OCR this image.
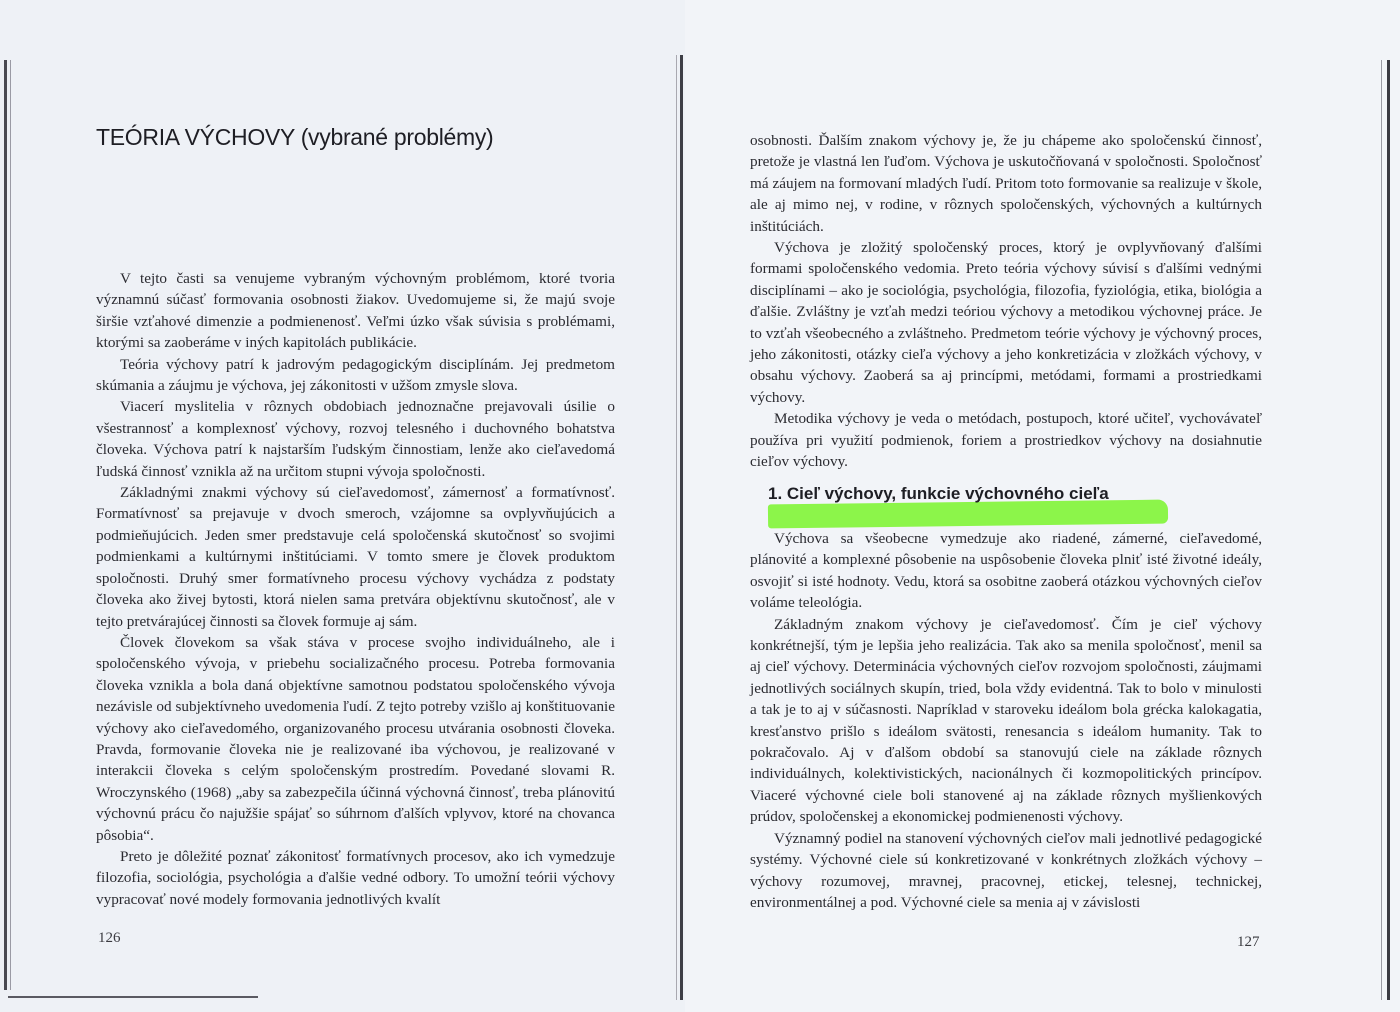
TEÓRIA VÝCHOVY (vybrané problémy)

V tejto časti sa venujeme vybraným výchovným problémom, ktoré tvoria významnú súčasť formovania osobnosti žiakov. Uvedomujeme si, že majú svoje širšie vzťahové dimenzie a podmienenosť. Veľmi úzko však súvisia s problémami, ktorými sa zaoberáme v iných kapitolách publikácie.

Teória výchovy patrí k jadrovým pedagogickým disciplínám. Jej predmetom skúmania a záujmu je výchova, jej zákonitosti v užšom zmysle slova.

Viacerí myslitelia v rôznych obdobiach jednoznačne prejavovali úsilie o všestrannosť a komplexnosť výchovy, rozvoj telesného i duchovného bohatstva človeka. Výchova patrí k najstarším ľudským činnostiam, lenže ako cieľavedomá ľudská činnosť vznikla až na určitom stupni vývoja spoločnosti.

Základnými znakmi výchovy sú cieľavedomosť, zámernosť a formatívnosť. Formatívnosť sa prejavuje v dvoch smeroch, vzájomne sa ovplyvňujúcich a podmieňujúcich. Jeden smer predstavuje celá spoločenská skutočnosť so svojimi podmienkami a kultúrnymi inštitúciami. V tomto smere je človek produktom spoločnosti. Druhý smer formatívneho procesu výchovy vychádza z podstaty človeka ako živej bytosti, ktorá nielen sama pretvára objektívnu skutočnosť, ale v tejto pretvárajúcej činnosti sa človek formuje aj sám.

Človek človekom sa však stáva v procese svojho individuálneho, ale i spoločenského vývoja, v priebehu socializačného procesu. Potreba formovania človeka vznikla a bola daná objektívne samotnou podstatou spoločenského vývoja nezávisle od subjektívneho uvedomenia ľudí. Z tejto potreby vzišlo aj konštituovanie výchovy ako cieľavedomého, organizovaného procesu utvárania osobnosti človeka. Pravda, formovanie človeka nie je realizované iba výchovou, je realizované v interakcii človeka s celým spoločenským prostredím. Povedané slovami R. Wroczynského (1968) „aby sa zabezpečila účinná výchovná činnosť, treba plánovitú výchovnú prácu čo najužšie spájať so súhrnom ďalších vplyvov, ktoré na chovanca pôsobia“.

Preto je dôležité poznať zákonitosť formatívnych procesov, ako ich vymedzuje filozofia, sociológia, psychológia a ďalšie vedné odbory. To umožní teórii výchovy vypracovať nové modely formovania jednotlivých kvalít

126

osobnosti. Ďalším znakom výchovy je, že ju chápeme ako spoločenskú činnosť, pretože je vlastná len ľuďom. Výchova je uskutočňovaná v spoločnosti. Spoločnosť má záujem na formovaní mladých ľudí. Pritom toto formovanie sa realizuje v škole, ale aj mimo nej, v rodine, v rôznych spoločenských, výchovných a kultúrnych inštitúciách.

Výchova je zložitý spoločenský proces, ktorý je ovplyvňovaný ďalšími formami spoločenského vedomia. Preto teória výchovy súvisí s ďalšími vednými disciplínami – ako je sociológia, psychológia, filozofia, fyziológia, etika, biológia a ďalšie. Zvláštny je vzťah medzi teóriou výchovy a metodikou výchovnej práce. Je to vzťah všeobecného a zvláštneho. Predmetom teórie výchovy je výchovný proces, jeho zákonitosti, otázky cieľa výchovy a jeho konkretizácia v zložkách výchovy, v obsahu výchovy. Zaoberá sa aj princípmi, metódami, formami a prostriedkami výchovy.

Metodika výchovy je veda o metódach, postupoch, ktoré učiteľ, vychovávateľ používa pri využití podmienok, foriem a prostriedkov výchovy na dosiahnutie cieľov výchovy.

1. Cieľ výchovy, funkcie výchovného cieľa

Výchova sa všeobecne vymedzuje ako riadené, zámerné, cieľavedomé, plánovité a komplexné pôsobenie na uspôsobenie človeka plniť isté životné ideály, osvojiť si isté hodnoty. Vedu, ktorá sa osobitne zaoberá otázkou výchovných cieľov voláme teleológia.

Základným znakom výchovy je cieľavedomosť. Čím je cieľ výchovy konkrétnejší, tým je lepšia jeho realizácia. Tak ako sa menila spoločnosť, menil sa aj cieľ výchovy. Determinácia výchovných cieľov rozvojom spoločnosti, záujmami jednotlivých sociálnych skupín, tried, bola vždy evidentná. Tak to bolo v minulosti a tak je to aj v súčasnosti. Napríklad v staroveku ideálom bola grécka kalokagatia, kresťanstvo prišlo s ideálom svätosti, renesancia s ideálom humanity. Tak to pokračovalo. Aj v ďalšom období sa stanovujú ciele na základe rôznych individuálnych, kolektivistických, nacionálnych či kozmopolitických princípov. Viaceré výchovné ciele boli stanovené aj na základe rôznych myšlienkových prúdov, spoločenskej a ekonomickej podmienenosti výchovy.

Významný podiel na stanovení výchovných cieľov mali jednotlivé pedagogické systémy. Výchovné ciele sú konkretizované v konkrétnych zložkách výchovy – výchovy rozumovej, mravnej, pracovnej, etickej, telesnej, technickej, environmentálnej a pod. Výchovné ciele sa menia aj v závislosti

127
